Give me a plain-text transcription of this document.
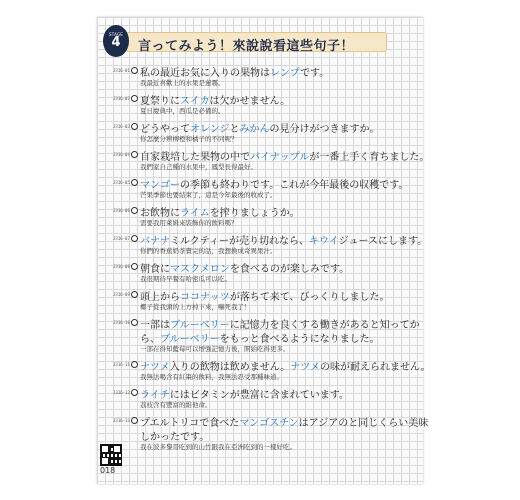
言ってみよう！來說說看這些句子！
STAGE
4
J316-01 私の最近お気に入りの果物はレンプです。
我最近喜歡上的水果是蓮霧。
J316-02 夏祭りにスイカは欠かせません。
夏日慶典中，西瓜是必備的。
J316-03 どうやってオレンジとみかんの見分けがつきますか。
你怎麼分辨柳橙和橘子的不同呢？
J316-04 自家栽培した果物の中でパイナップルが一番上手く育ちました。
我們家自己種的水果中，鳳梨長得最好。
J316-05 マンゴーの季節も終わりです。これが今年最後の収穫です。
芒果季節也要結束了，這是今年最後的收成了。
J316-06 お飲物にライムを搾りましょうか。
需要我用萊姆來裝飾你的飲料嗎？
J316-07 バナナミルクティーが売り切れなら、キウイジュースにします。
你們的香蕉奶茶賣完的話，我想換成奇異果汁。
J316-08 朝食にマスクメロンを食べるのが楽しみです。
我很期待早餐有哈密瓜可以吃。
J316-09 頭上からココナッツが落ちて来て、びっくりしました。
椰子從我頭的上方掉下來，嚇死我了！
J316-10 一部はブルーベリーに記憶力を良くする働きがあると知ってか
ら、ブルーベリーをもっと食べるようになりました。
一部在得知藍莓可以增強記憶力後，開始吃得更多。
J316-11 ナツメ入りの飲物は飲めません。ナツメの味が耐えられません。
我無法喝含有紅棗的飲料，我無法忍受那種味道。
J316-12 ライチにはビタミンが豊富に含まれています。
荔枝含有豐富的維他命。
J316-13 プエルトリコで食べたマンゴスチンはアジアのと同じくらい美味
しかったです。
我在波多黎哥吃到的山竹跟我在亞洲吃到的一樣好吃。
018
